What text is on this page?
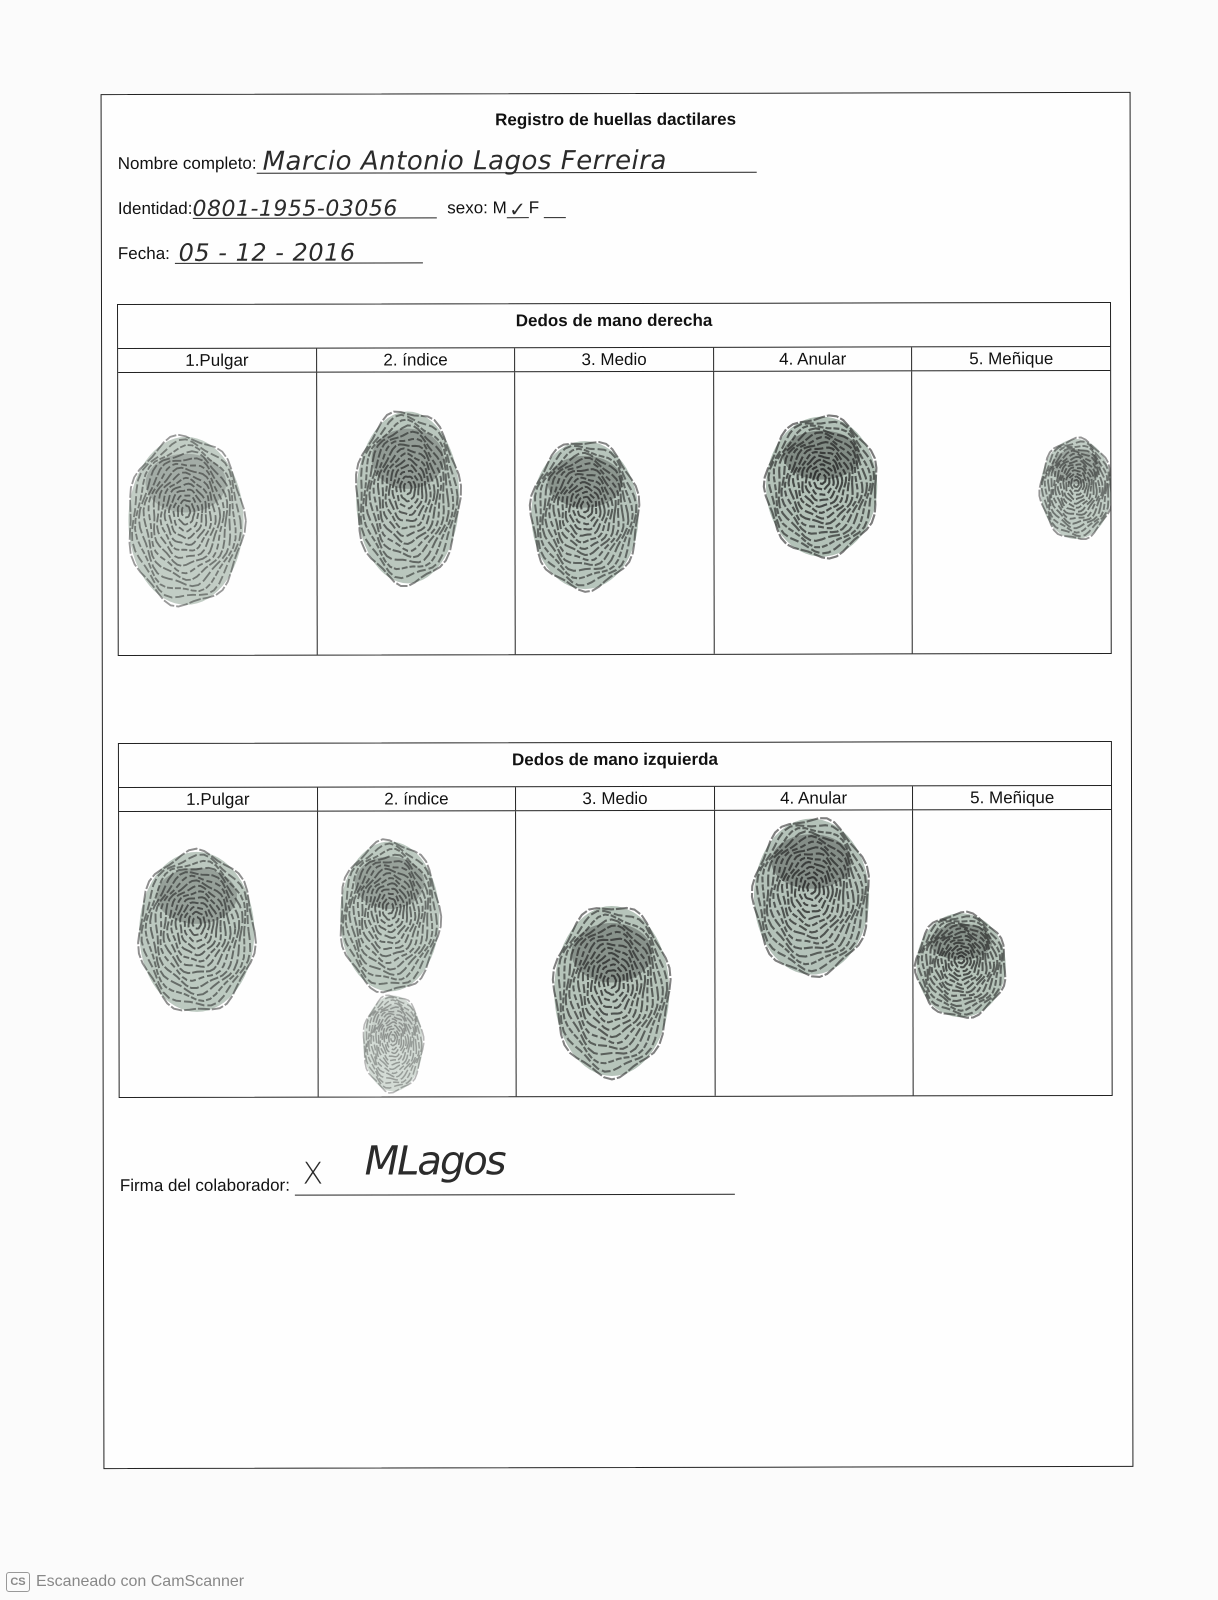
Registro de huellas dactilares
Nombre completo: Marcio Antonio Lagos Ferreira
Identidad:0801-1955-03056	sexo: M ✓ F
Fecha: 05 - 12 - 2016
Dedos de mano derecha
1.Pulgar	2. índice	3. Medio	4. Anular	5. Meñique
Dedos de mano izquierda
1.Pulgar	2. índice	3. Medio	4. Anular	5. Meñique
Firma del colaborador: X MLagos
CS Escaneado con CamScanner
